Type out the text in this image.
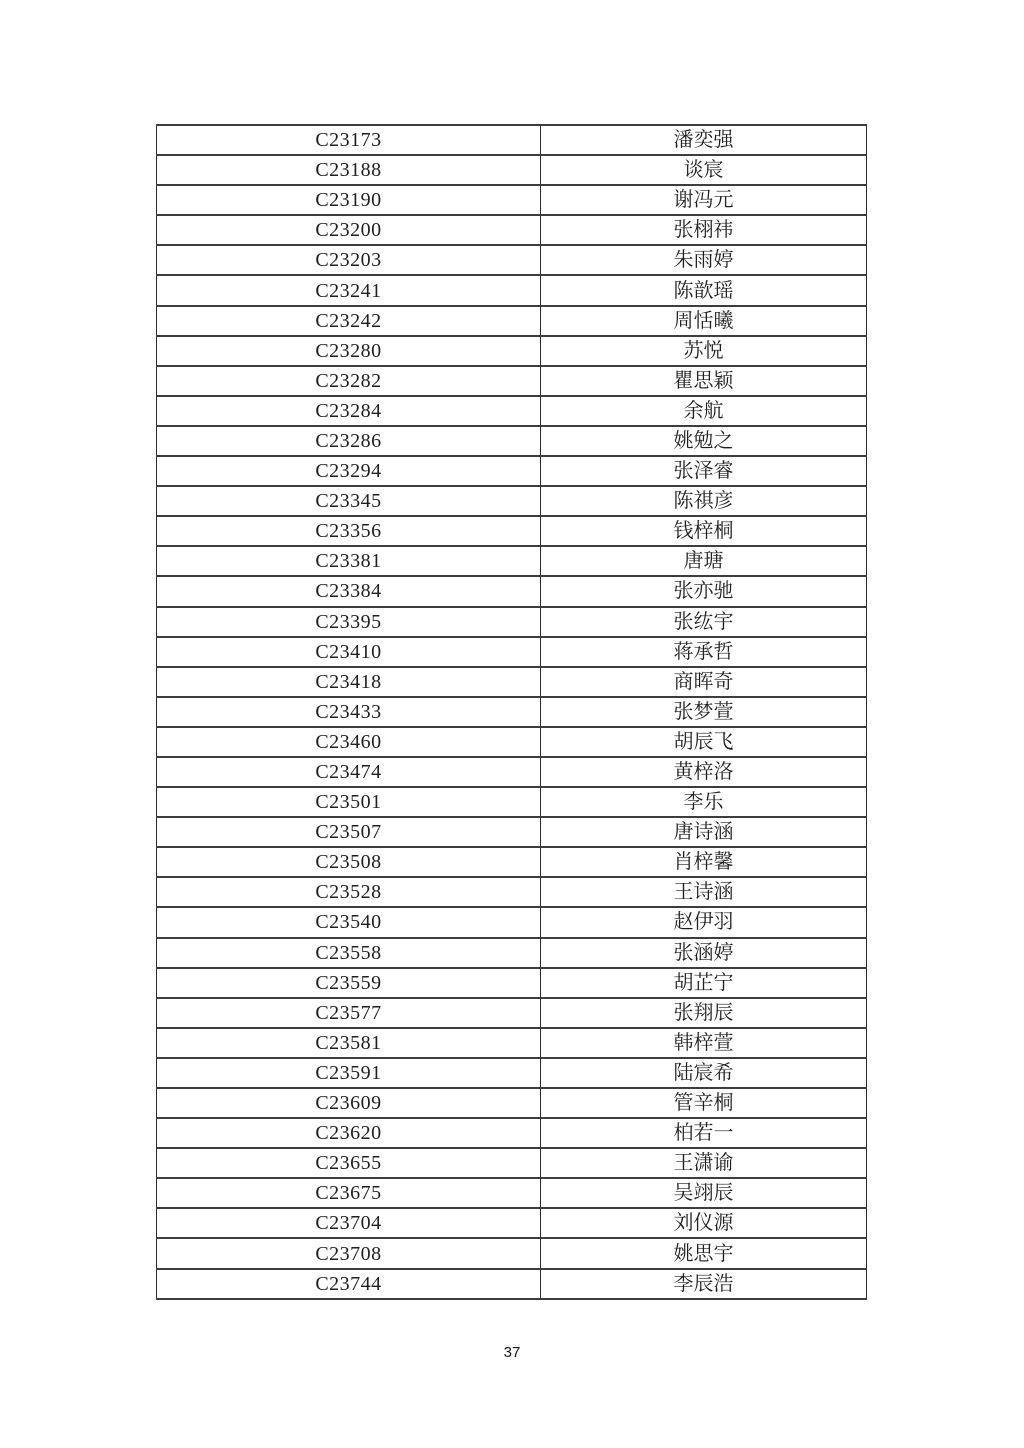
C23173	潘奕强
C23188	谈宸
C23190	谢冯元
C23200	张栩祎
C23203	朱雨婷
C23241	陈歆瑶
C23242	周恬曦
C23280	苏悦
C23282	瞿思颖
C23284	余航
C23286	姚勉之
C23294	张泽睿
C23345	陈祺彦
C23356	钱梓桐
C23381	唐瑭
C23384	张亦驰
C23395	张纮宇
C23410	蒋承哲
C23418	商晖奇
C23433	张梦萱
C23460	胡辰飞
C23474	黄梓洛
C23501	李乐
C23507	唐诗涵
C23508	肖梓馨
C23528	王诗涵
C23540	赵伊羽
C23558	张涵婷
C23559	胡芷宁
C23577	张翔辰
C23581	韩梓萱
C23591	陆宸希
C23609	管辛桐
C23620	柏若一
C23655	王潇谕
C23675	吴翊辰
C23704	刘仪源
C23708	姚思宇
C23744	李辰浩
37
